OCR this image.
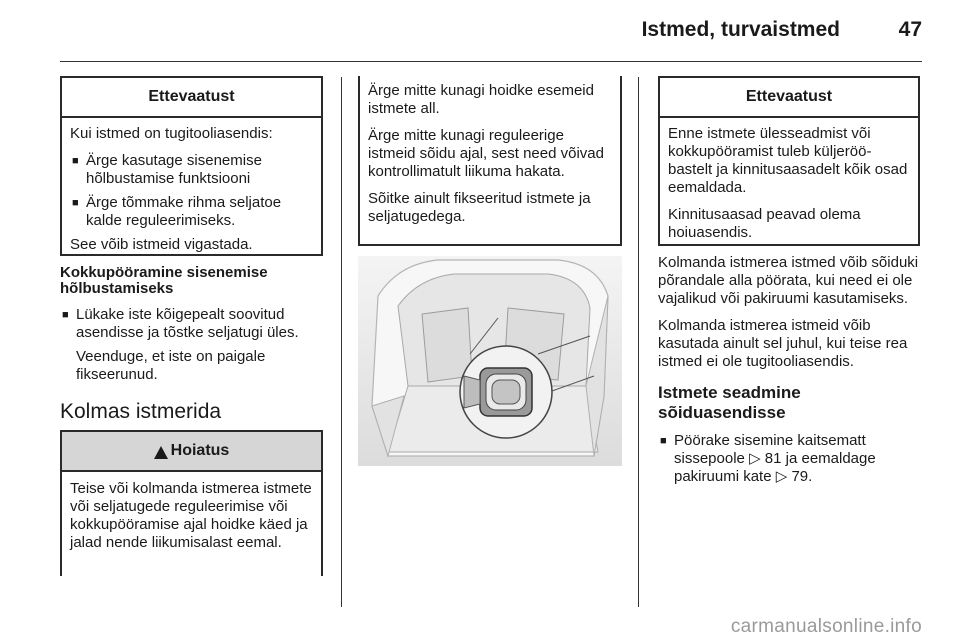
Istmed, turvaistmed	47
Ettevaatust

Kui istmed on tugitooliasendis:

■ Ärge kasutage sisenemise hõlbustamise funktsiooni
■ Ärge tõmmake rihma seljatoe kalde reguleerimiseks.

See võib istmeid vigastada.

Kokkupööramine sisenemise hõlbustamiseks

■ Lükake iste kõigepealt soovitud asendisse ja tõstke seljatugi üles.

Veenduge, et iste on paigale fikseerunud.

Kolmas istmerida
Hoiatus

Teise või kolmanda istmerea istmete või seljatugede reguleerimise või kokkupööramise ajal hoidke käed ja jalad nende liikumisalast eemal.

Ärge mitte kunagi hoidke esemeid istmete all.

Ärge mitte kunagi reguleerige istmeid sõidu ajal, sest need võivad kontrollimatult liikuma hakata.

Sõitke ainult fikseeritud istmete ja seljatugedega.

Ettevaatust

Enne istmete ülesseadmist või kokkupööramist tuleb küljerööbastelt ja kinnitusaasadelt kõik osad eemaldada.

Kinnitusaasad peavad olema hoiuasendis.

Kolmanda istmerea istmed võib sõiduki põrandale alla pöörata, kui need ei ole vajalikud või pakiruumi kasutamiseks.

Kolmanda istmerea istmeid võib kasutada ainult sel juhul, kui teise rea istmed ei ole tugitooliasendis.

Istmete seadmine sõiduasendisse

■ Pöörake sisemine kaitsematt sissepoole ▷ 81 ja eemaldage pakiruumi kate ▷ 79.
carmanualsonline.info
